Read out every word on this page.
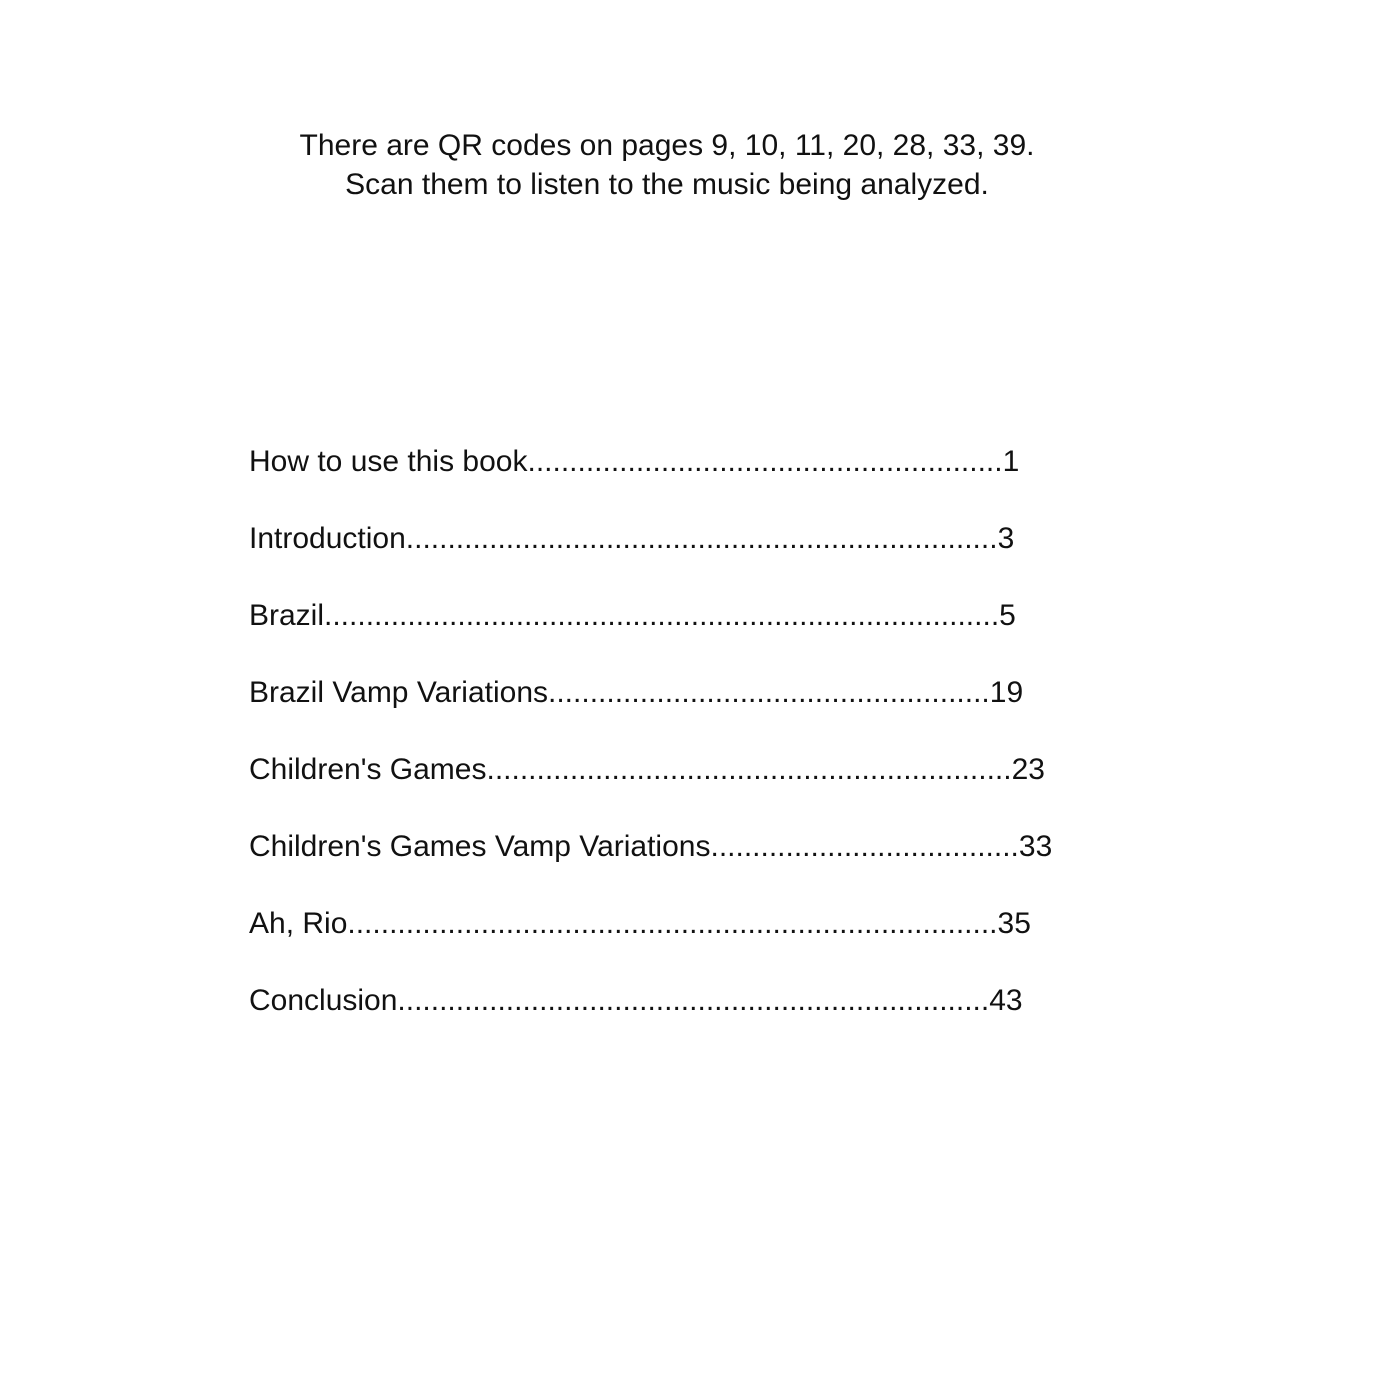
There are QR codes on pages 9, 10, 11, 20, 28, 33, 39.
Scan them to listen to the music being analyzed.
How to use this book.........................................................1
Introduction.......................................................................3
Brazil.................................................................................5
Brazil Vamp Variations.....................................................19
Children's Games...............................................................23
Children's Games Vamp Variations.....................................33
Ah, Rio..............................................................................35
Conclusion.......................................................................43
